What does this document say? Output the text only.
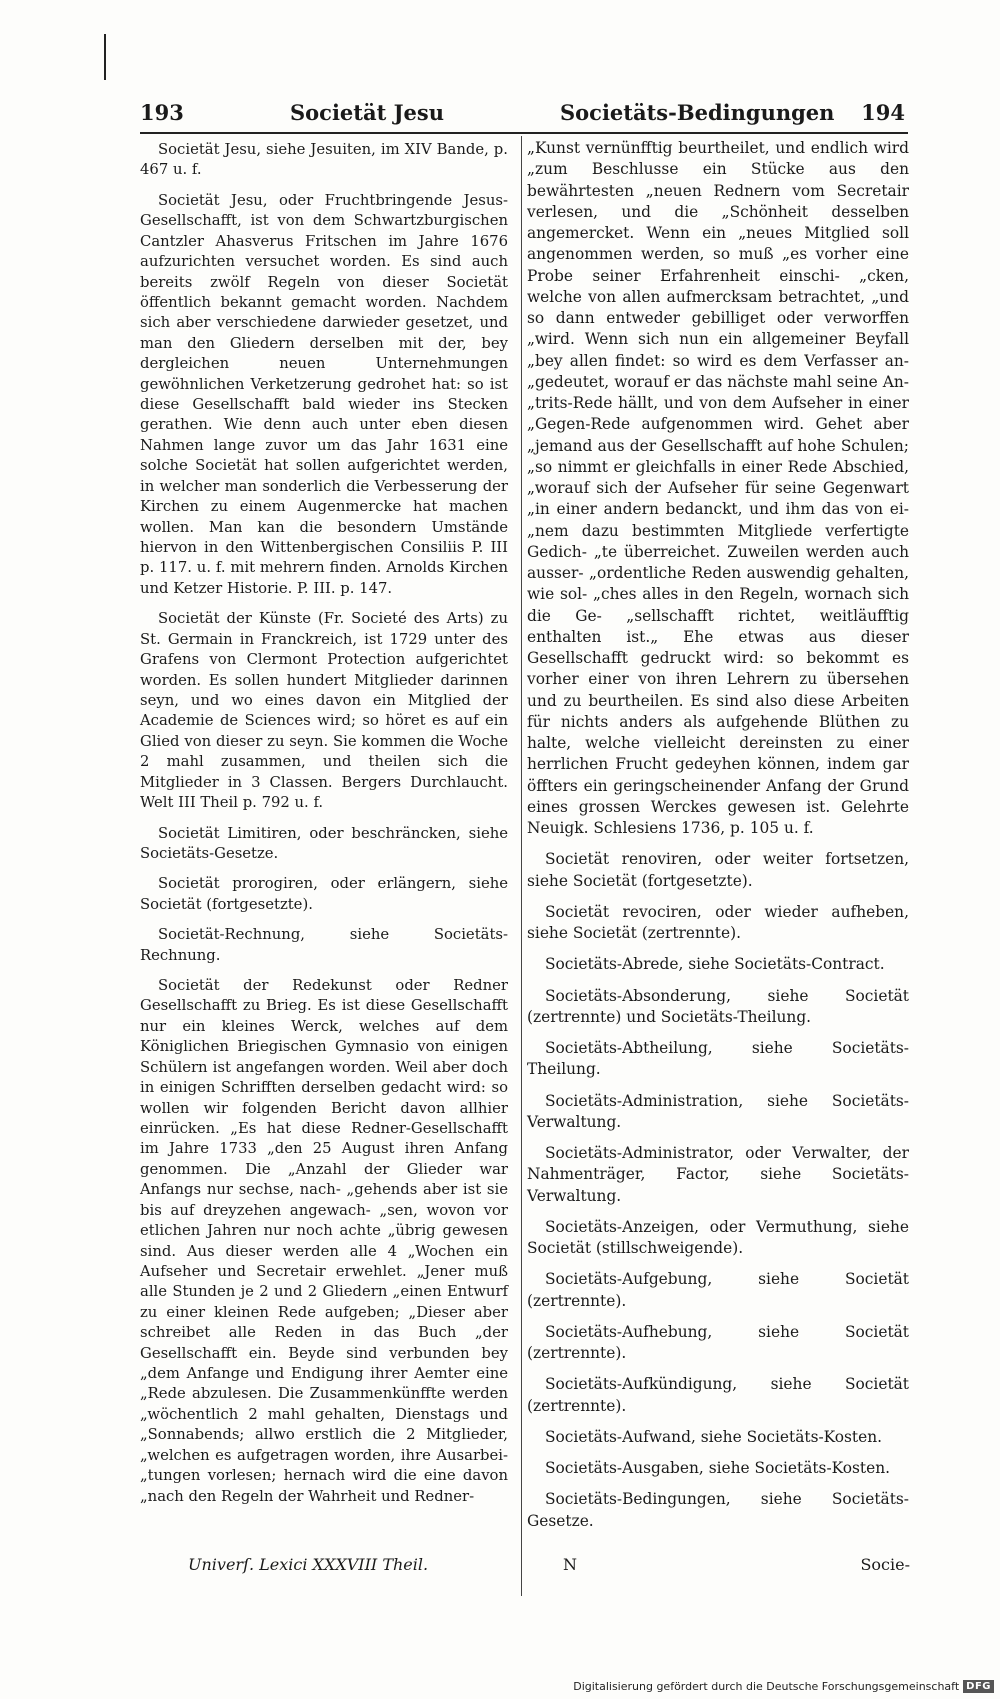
193	Societät Jesu	Societäts-Bedingungen 194

Societät Jesu, siehe Jesuiten, im XIV Bande, p. 467 u. f.

Societät Jesu, oder Fruchtbringende Jesus-Gesellschafft, ist von dem Schwartzburgischen Cantzler Ahasverus Fritschen im Jahre 1676 aufzurichten versuchet worden. Es sind auch bereits zwölf Regeln von dieser Societät öffentlich bekannt gemacht worden. Nachdem sich aber verschiedene darwieder gesetzet, und man den Gliedern derselben mit der, bey dergleichen neuen Unternehmungen gewöhnlichen Verketzerung gedrohet hat: so ist diese Gesellschafft bald wieder ins Stecken gerathen. Wie denn auch unter eben diesen Nahmen lange zuvor um das Jahr 1631 eine solche Societät hat sollen aufgerichtet werden, in welcher man sonderlich die Verbesserung der Kirchen zu einem Augenmercke hat machen wollen. Man kan die besondern Umstände hiervon in den Wittenbergischen Consiliis P. III p. 117. u. f. mit mehrern finden. Arnolds Kirchen und Ketzer Historie. P. III. p. 147.

Societät der Künste (Fr. Societé des Arts) zu St. Germain in Franckreich, ist 1729 unter des Grafens von Clermont Protection aufgerichtet worden. Es sollen hundert Mitglieder darinnen seyn, und wo eines davon ein Mitglied der Academie de Sciences wird; so höret es auf ein Glied von dieser zu seyn. Sie kommen die Woche 2 mahl zusammen, und theilen sich die Mitglieder in 3 Classen. Bergers Durchlaucht. Welt III Theil p. 792 u. f.

Societät Limitiren, oder beschräncken, siehe Societäts-Gesetze.

Societät prorogiren, oder erlängern, siehe Societät (fortgesetzte).

Societät-Rechnung, siehe Societäts-Rechnung.

Societät der Redekunst oder Redner Gesellschafft zu Brieg. Es ist diese Gesellschafft nur ein kleines Werck, welches auf dem Königlichen Briegischen Gymnasio von einigen Schülern ist angefangen worden. Weil aber doch in einigen Schrifften derselben gedacht wird: so wollen wir folgenden Bericht davon allhier einrücken. „Es hat diese Redner-Gesellschafft im Jahre 1733 „den 25 August ihren Anfang genommen. Die „Anzahl der Glieder war Anfangs nur sechse, nach- „gehends aber ist sie bis auf dreyzehen angewach- „sen, wovon vor etlichen Jahren nur noch achte „übrig gewesen sind. Aus dieser werden alle 4 „Wochen ein Aufseher und Secretair erwehlet. „Jener muß alle Stunden je 2 und 2 Gliedern „einen Entwurf zu einer kleinen Rede aufgeben; „Dieser aber schreibet alle Reden in das Buch „der Gesellschafft ein. Beyde sind verbunden bey „dem Anfange und Endigung ihrer Aemter eine „Rede abzulesen. Die Zusammenkünffte werden „wöchentlich 2 mahl gehalten, Dienstags und „Sonnabends; allwo erstlich die 2 Mitglieder, „welchen es aufgetragen worden, ihre Ausarbei- „tungen vorlesen; hernach wird die eine davon „nach den Regeln der Wahrheit und Redner-

„Kunst vernünfftig beurtheilet, und endlich wird „zum Beschlusse ein Stücke aus den bewährtesten „neuen Rednern vom Secretair verlesen, und die „Schönheit desselben angemercket. Wenn ein „neues Mitglied soll angenommen werden, so muß „es vorher eine Probe seiner Erfahrenheit einschi- „cken, welche von allen aufmercksam betrachtet, „und so dann entweder gebilliget oder verworffen „wird. Wenn sich nun ein allgemeiner Beyfall „bey allen findet: so wird es dem Verfasser an- „gedeutet, worauf er das nächste mahl seine An- „trits-Rede hällt, und von dem Aufseher in einer „Gegen-Rede aufgenommen wird. Gehet aber „jemand aus der Gesellschafft auf hohe Schulen; „so nimmt er gleichfalls in einer Rede Abschied, „worauf sich der Aufseher für seine Gegenwart „in einer andern bedanckt, und ihm das von ei- „nem dazu bestimmten Mitgliede verfertigte Gedich- „te überreichet. Zuweilen werden auch ausser- „ordentliche Reden auswendig gehalten, wie sol- „ches alles in den Regeln, wornach sich die Ge- „sellschafft richtet, weitläufftig enthalten ist.„ Ehe etwas aus dieser Gesellschafft gedruckt wird: so bekommt es vorher einer von ihren Lehrern zu übersehen und zu beurtheilen. Es sind also diese Arbeiten für nichts anders als aufgehende Blüthen zu halte, welche vielleicht dereinsten zu einer herrlichen Frucht gedeyhen können, indem gar öffters ein geringscheinender Anfang der Grund eines grossen Werckes gewesen ist. Gelehrte Neuigk. Schlesiens 1736, p. 105 u. f.

Societät renoviren, oder weiter fortsetzen, siehe Societät (fortgesetzte).

Societät revociren, oder wieder aufheben, siehe Societät (zertrennte).

Societäts-Abrede, siehe Societäts-Contract.

Societäts-Absonderung, siehe Societät (zertrennte) und Societäts-Theilung.

Societäts-Abtheilung, siehe Societäts-Theilung.

Societäts-Administration, siehe Societäts-Verwaltung.

Societäts-Administrator, oder Verwalter, der Nahmenträger, Factor, siehe Societäts-Verwaltung.

Societäts-Anzeigen, oder Vermuthung, siehe Societät (stillschweigende).

Societäts-Aufgebung, siehe Societät (zertrennte).

Societäts-Aufhebung, siehe Societät (zertrennte).

Societäts-Aufkündigung, siehe Societät (zertrennte).

Societäts-Aufwand, siehe Societäts-Kosten.

Societäts-Ausgaben, siehe Societäts-Kosten.

Societäts-Bedingungen, siehe Societäts-Gesetze.

Univerſ. Lexici XXXVIII Theil.	N	Socie-
Digitalisierung gefördert durch die Deutsche Forschungsgemeinschaft DFG
